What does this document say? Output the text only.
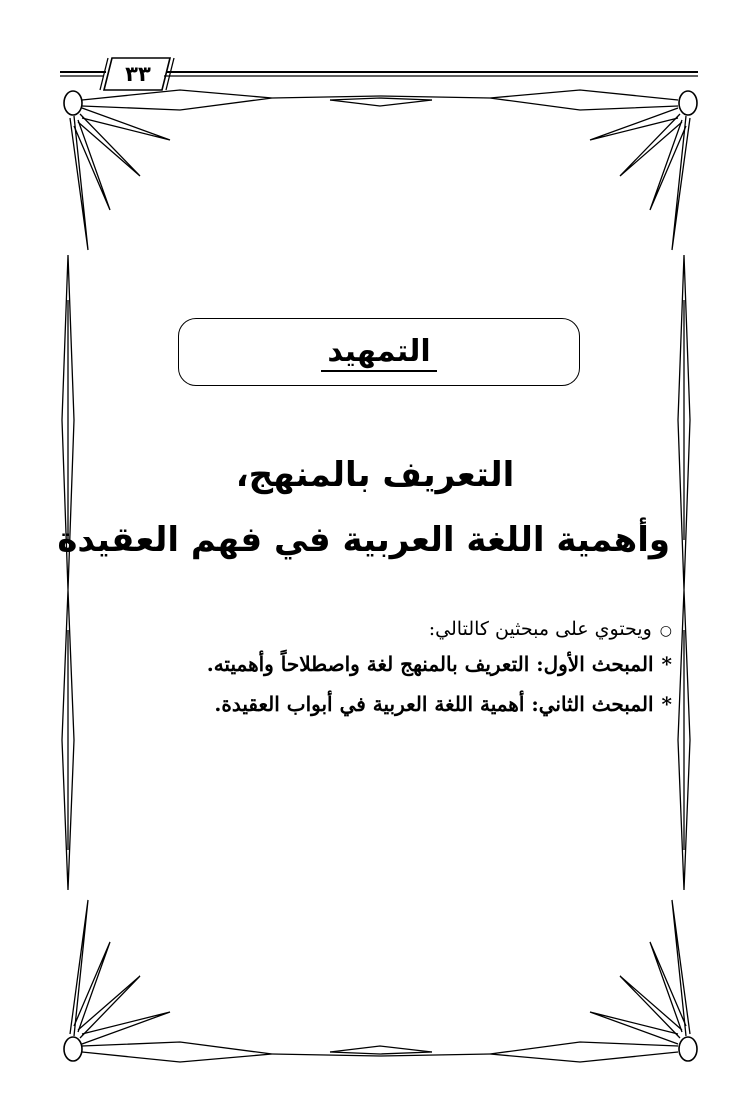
٣٣
التمهيد
التعريف بالمنهج،
وأهمية اللغة العربية في فهم العقيدة
○ويحتوي على مبحثين كالتالي:
*المبحث الأول: التعريف بالمنهج لغة واصطلاحاً وأهميته.
*المبحث الثاني: أهمية اللغة العربية في أبواب العقيدة.
